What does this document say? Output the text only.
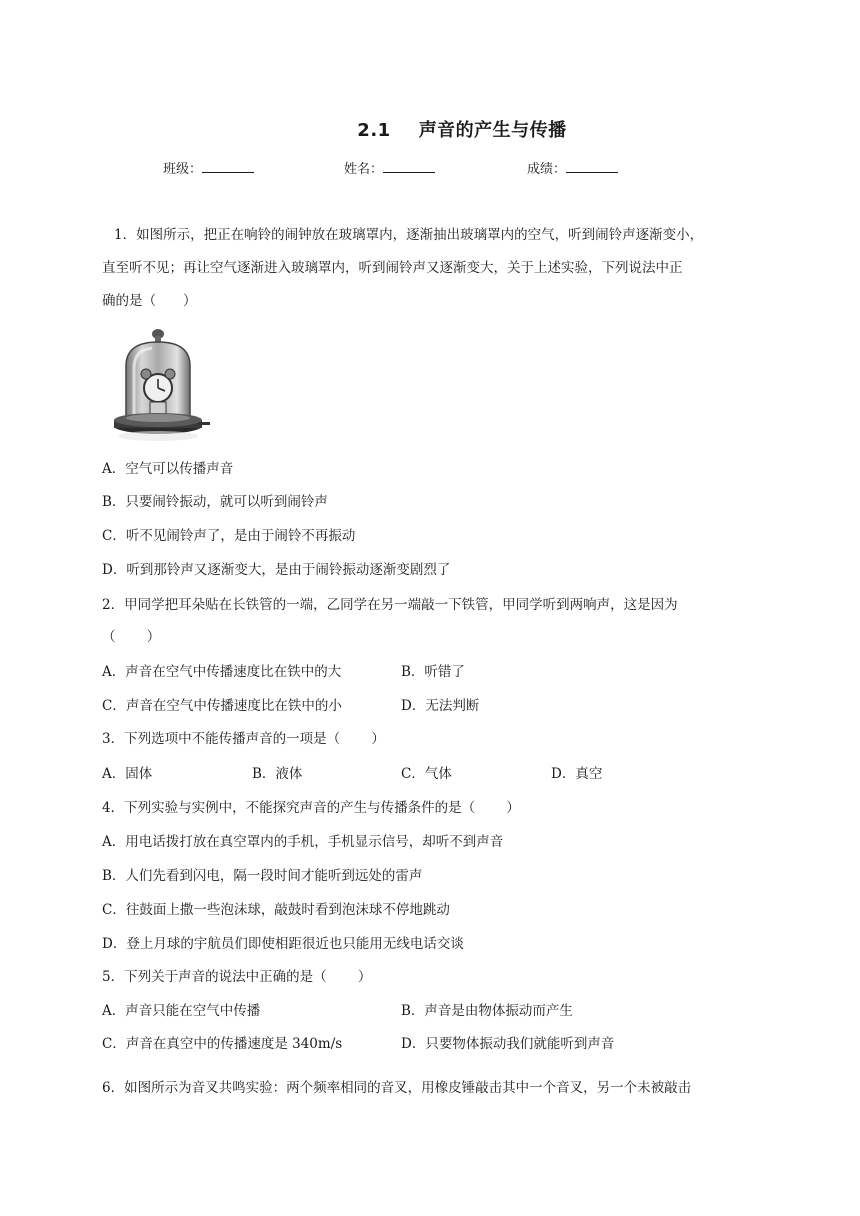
2.1 声音的产生与传播
班级：	姓名：	成绩：
1．如图所示，把正在响铃的闹钟放在玻璃罩内，逐渐抽出玻璃罩内的空气，听到闹铃声逐渐变小，
直至听不见；再让空气逐渐进入玻璃罩内，听到闹铃声又逐渐变大，关于上述实验，下列说法中正
确的是（　　）
A．空气可以传播声音
B．只要闹铃振动，就可以听到闹铃声
C．听不见闹铃声了，是由于闹铃不再振动
D．听到那铃声又逐渐变大，是由于闹铃振动逐渐变剧烈了
2．甲同学把耳朵贴在长铁管的一端，乙同学在另一端敲一下铁管，甲同学听到两响声，这是因为
（　　 ）
A．声音在空气中传播速度比在铁中的大	B．听错了
C．声音在空气中传播速度比在铁中的小	D．无法判断
3．下列选项中不能传播声音的一项是（　　 ）
A．固体	B．液体	C．气体	D．真空
4．下列实验与实例中，不能探究声音的产生与传播条件的是（　　 ）
A．用电话拨打放在真空罩内的手机，手机显示信号，却听不到声音
B．人们先看到闪电，隔一段时间才能听到远处的雷声
C．往鼓面上撒一些泡沫球，敲鼓时看到泡沫球不停地跳动
D．登上月球的宇航员们即使相距很近也只能用无线电话交谈
5．下列关于声音的说法中正确的是（　　 ）
A．声音只能在空气中传播	B．声音是由物体振动而产生
C．声音在真空中的传播速度是 340m/s	D．只要物体振动我们就能听到声音
6．如图所示为音叉共鸣实验：两个频率相同的音叉，用橡皮锤敲击其中一个音叉，另一个未被敲击
